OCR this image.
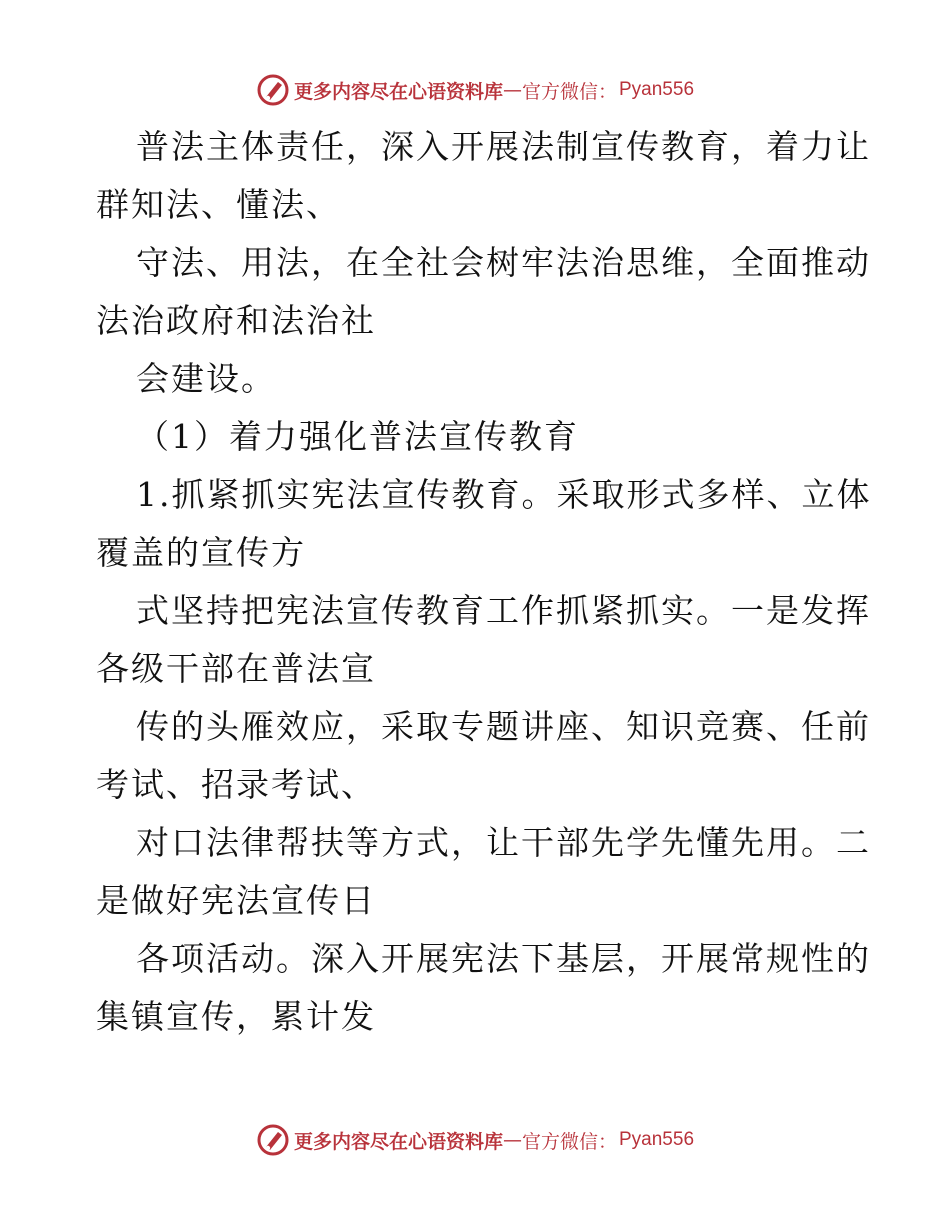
更多内容尽在心语资料库 — 官方微信： Pyan556
普法主体责任，深入开展法制宣传教育，着力让
群知法、懂法、
守法、用法，在全社会树牢法治思维，全面推动
法治政府和法治社
会建设。
（1）着力强化普法宣传教育
1.抓紧抓实宪法宣传教育。采取形式多样、立体
覆盖的宣传方
式坚持把宪法宣传教育工作抓紧抓实。一是发挥
各级干部在普法宣
传的头雁效应，采取专题讲座、知识竞赛、任前
考试、招录考试、
对口法律帮扶等方式，让干部先学先懂先用。二
是做好宪法宣传日
各项活动。深入开展宪法下基层，开展常规性的
集镇宣传，累计发
更多内容尽在心语资料库 — 官方微信： Pyan556
